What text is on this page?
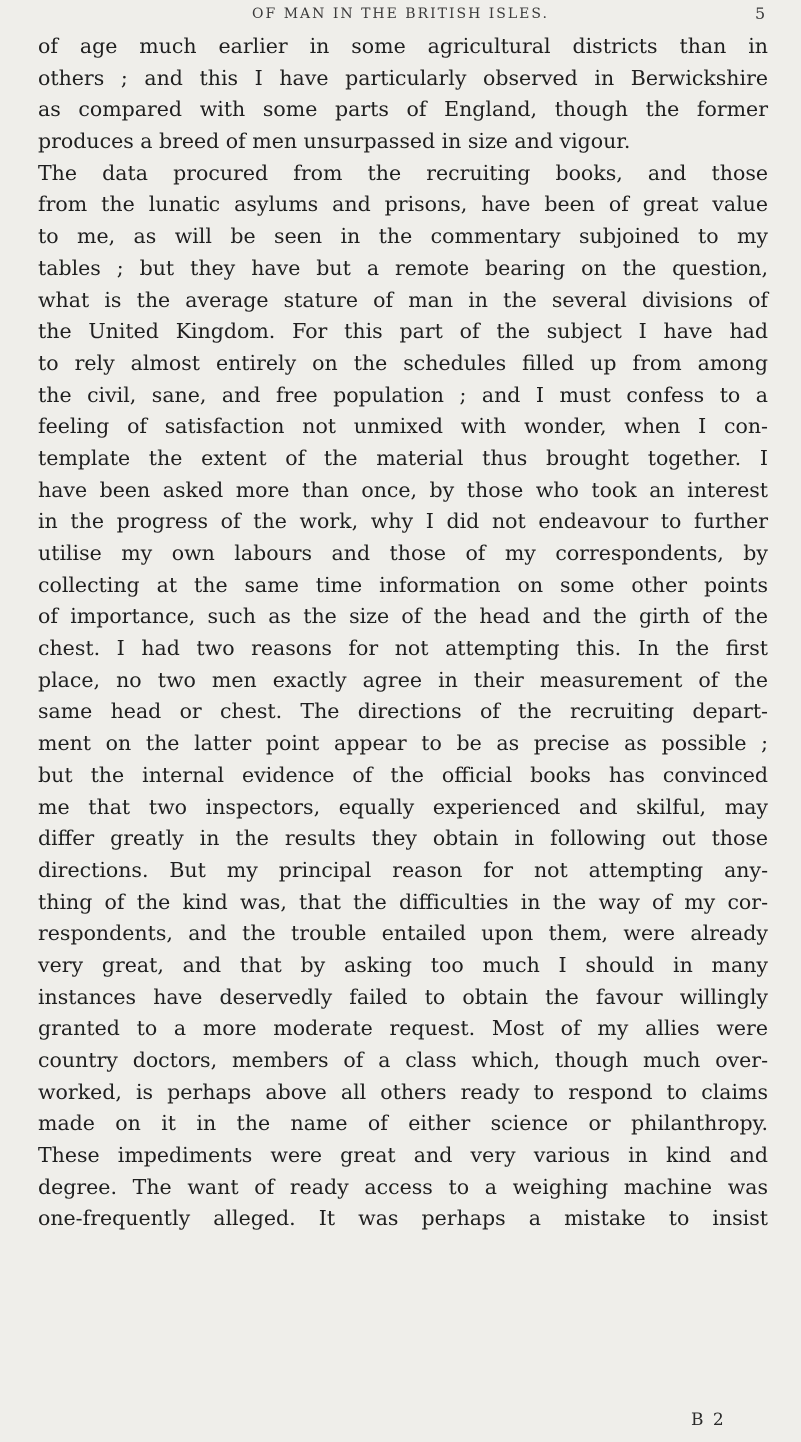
OF MAN IN THE BRITISH ISLES.	5
of age much earlier in some agricultural districts than in
others ; and this I have particularly observed in Berwickshire
as compared with some parts of England, though the former
produces a breed of men unsurpassed in size and vigour.
The data procured from the recruiting books, and those
from the lunatic asylums and prisons, have been of great value
to me, as will be seen in the commentary subjoined to my
tables ; but they have but a remote bearing on the question,
what is the average stature of man in the several divisions of
the United Kingdom. For this part of the subject I have had
to rely almost entirely on the schedules filled up from among
the civil, sane, and free population ; and I must confess to a
feeling of satisfaction not unmixed with wonder, when I con-
template the extent of the material thus brought together. I
have been asked more than once, by those who took an interest
in the progress of the work, why I did not endeavour to further
utilise my own labours and those of my correspondents, by
collecting at the same time information on some other points
of importance, such as the size of the head and the girth of the
chest. I had two reasons for not attempting this. In the first
place, no two men exactly agree in their measurement of the
same head or chest. The directions of the recruiting depart-
ment on the latter point appear to be as precise as possible ;
but the internal evidence of the official books has convinced
me that two inspectors, equally experienced and skilful, may
differ greatly in the results they obtain in following out those
directions. But my principal reason for not attempting any-
thing of the kind was, that the difficulties in the way of my cor-
respondents, and the trouble entailed upon them, were already
very great, and that by asking too much I should in many
instances have deservedly failed to obtain the favour willingly
granted to a more moderate request. Most of my allies were
country doctors, members of a class which, though much over-
worked, is perhaps above all others ready to respond to claims
made on it in the name of either science or philanthropy.
These impediments were great and very various in kind and
degree. The want of ready access to a weighing machine was
one-frequently alleged. It was perhaps a mistake to insist
B 2
